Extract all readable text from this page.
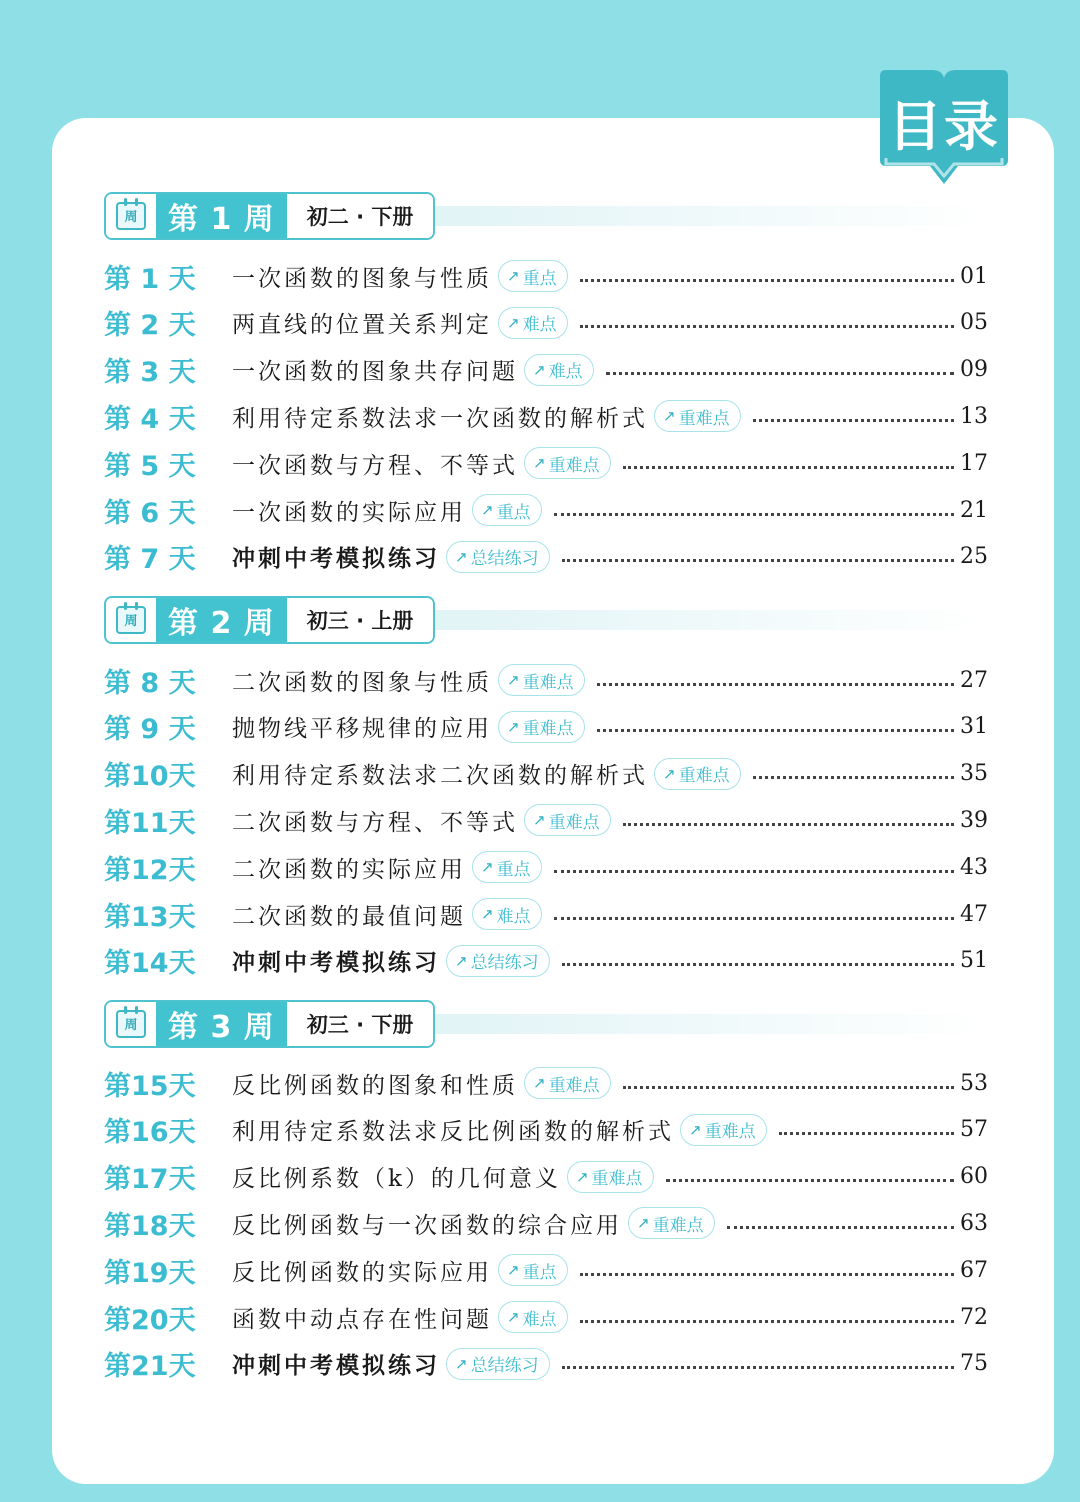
目录
周	第 1 周	初二 · 下册
第 1 天	一次函数的图象与性质 ↗ 重点	01
第 2 天	两直线的位置关系判定 ↗ 难点	05
第 3 天	一次函数的图象共存问题 ↗ 难点	09
第 4 天	利用待定系数法求一次函数的解析式 ↗ 重难点	13
第 5 天	一次函数与方程、不等式 ↗ 重难点	17
第 6 天	一次函数的实际应用 ↗ 重点	21
第 7 天	冲刺中考模拟练习 ↗ 总结练习	25
周	第 2 周	初三 · 上册
第 8 天	二次函数的图象与性质 ↗ 重难点	27
第 9 天	抛物线平移规律的应用 ↗ 重难点	31
第10天	利用待定系数法求二次函数的解析式 ↗ 重难点	35
第11天	二次函数与方程、不等式 ↗ 重难点	39
第12天	二次函数的实际应用 ↗ 重点	43
第13天	二次函数的最值问题 ↗ 难点	47
第14天	冲刺中考模拟练习 ↗ 总结练习	51
周	第 3 周	初三 · 下册
第15天	反比例函数的图象和性质 ↗ 重难点	53
第16天	利用待定系数法求反比例函数的解析式 ↗ 重难点	57
第17天	反比例系数（k）的几何意义 ↗ 重难点	60
第18天	反比例函数与一次函数的综合应用 ↗ 重难点	63
第19天	反比例函数的实际应用 ↗ 重点	67
第20天	函数中动点存在性问题 ↗ 难点	72
第21天	冲刺中考模拟练习 ↗ 总结练习	75
